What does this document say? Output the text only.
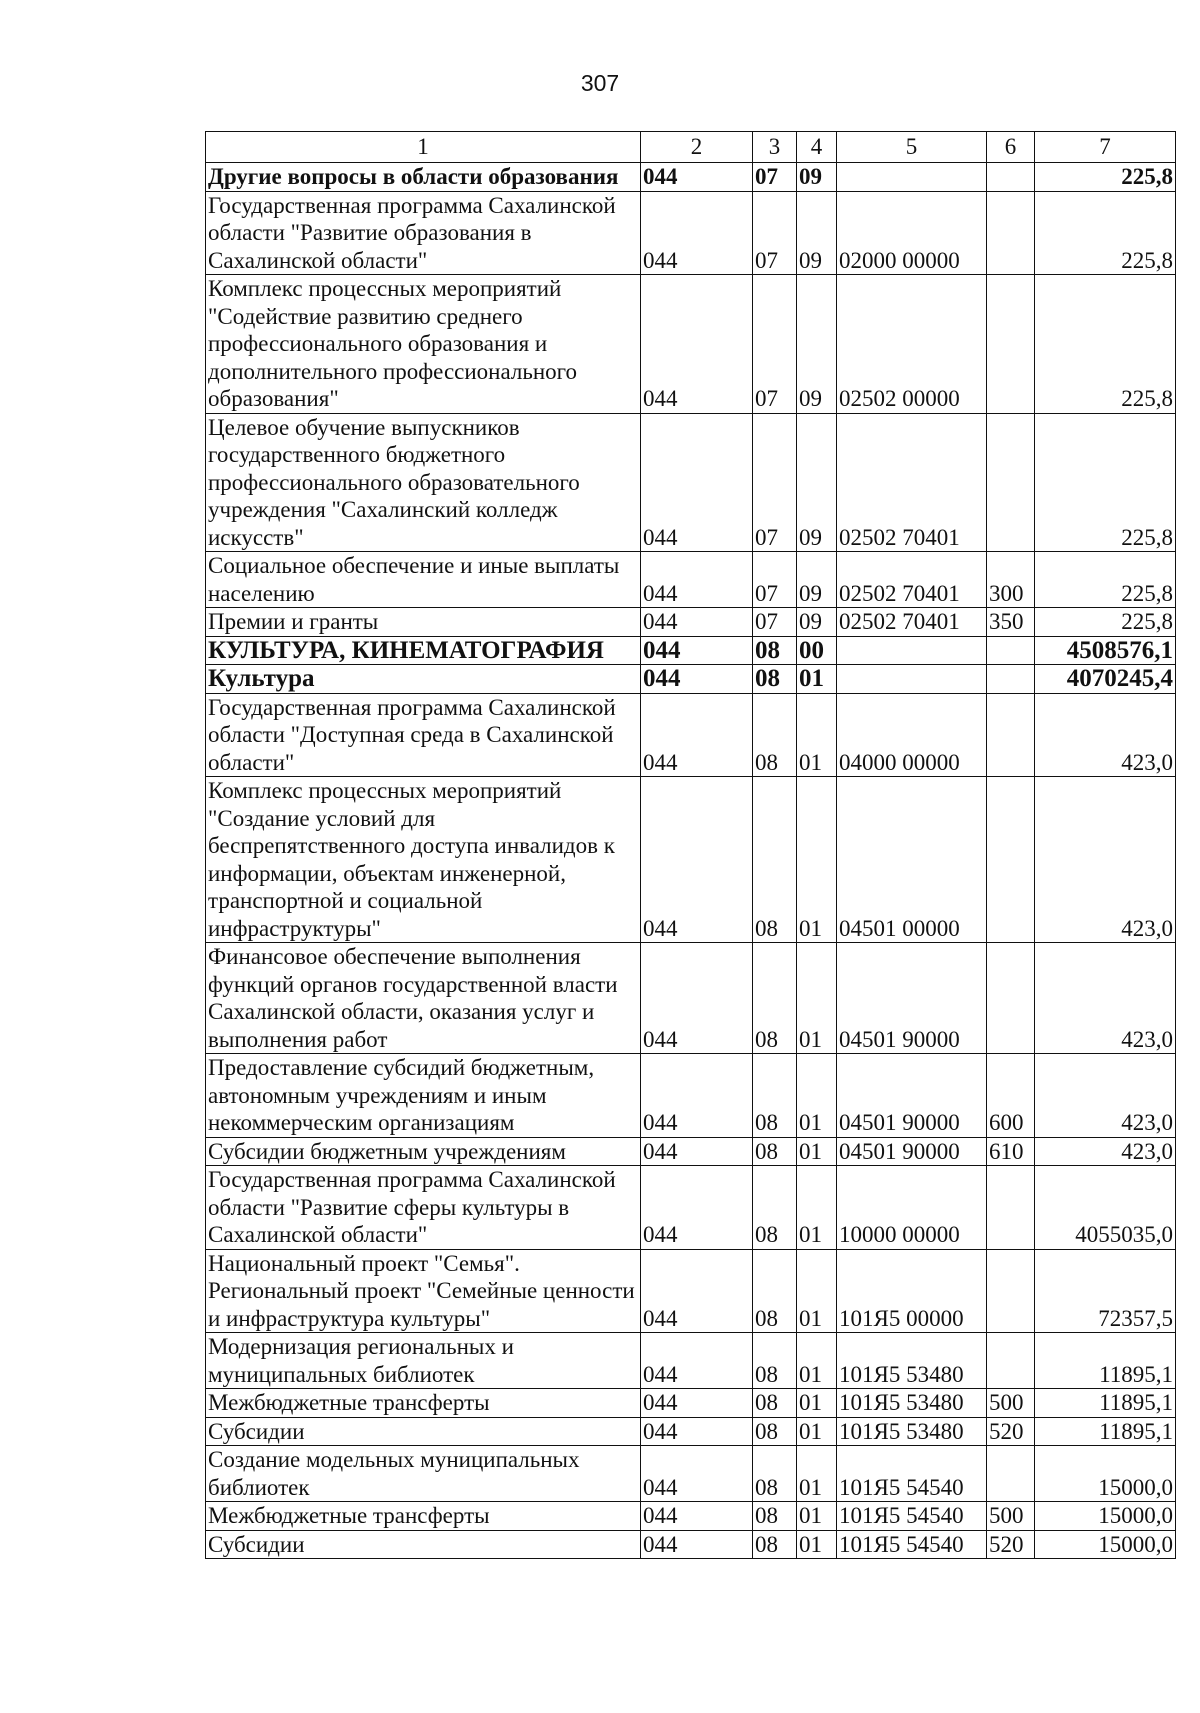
307
1	2	3	4	5	6	7
Другие вопросы в области образования	044	07	09			225,8
Государственная программа Сахалинской области "Развитие образования в Сахалинской области"	044	07	09	02000 00000		225,8
Комплекс процессных мероприятий "Содействие развитию среднего профессионального образования и дополнительного профессионального образования"	044	07	09	02502 00000		225,8
Целевое обучение выпускников государственного бюджетного профессионального образовательного учреждения "Сахалинский колледж искусств"	044	07	09	02502 70401		225,8
Социальное обеспечение и иные выплаты населению	044	07	09	02502 70401	300	225,8
Премии и гранты	044	07	09	02502 70401	350	225,8
КУЛЬТУРА, КИНЕМАТОГРАФИЯ	044	08	00			4508576,1
Культура	044	08	01			4070245,4
Государственная программа Сахалинской области "Доступная среда в Сахалинской области"	044	08	01	04000 00000		423,0
Комплекс процессных мероприятий "Создание условий для беспрепятственного доступа инвалидов к информации, объектам инженерной, транспортной и социальной инфраструктуры"	044	08	01	04501 00000		423,0
Финансовое обеспечение выполнения функций органов государственной власти Сахалинской области, оказания услуг и выполнения работ	044	08	01	04501 90000		423,0
Предоставление субсидий бюджетным, автономным учреждениям и иным некоммерческим организациям	044	08	01	04501 90000	600	423,0
Субсидии бюджетным учреждениям	044	08	01	04501 90000	610	423,0
Государственная программа Сахалинской области "Развитие сферы культуры в Сахалинской области"	044	08	01	10000 00000		4055035,0
Национальный проект "Семья". Региональный проект "Семейные ценности и инфраструктура культуры"	044	08	01	101Я5 00000		72357,5
Модернизация региональных и муниципальных библиотек	044	08	01	101Я5 53480		11895,1
Межбюджетные трансферты	044	08	01	101Я5 53480	500	11895,1
Субсидии	044	08	01	101Я5 53480	520	11895,1
Создание модельных муниципальных библиотек	044	08	01	101Я5 54540		15000,0
Межбюджетные трансферты	044	08	01	101Я5 54540	500	15000,0
Субсидии	044	08	01	101Я5 54540	520	15000,0
